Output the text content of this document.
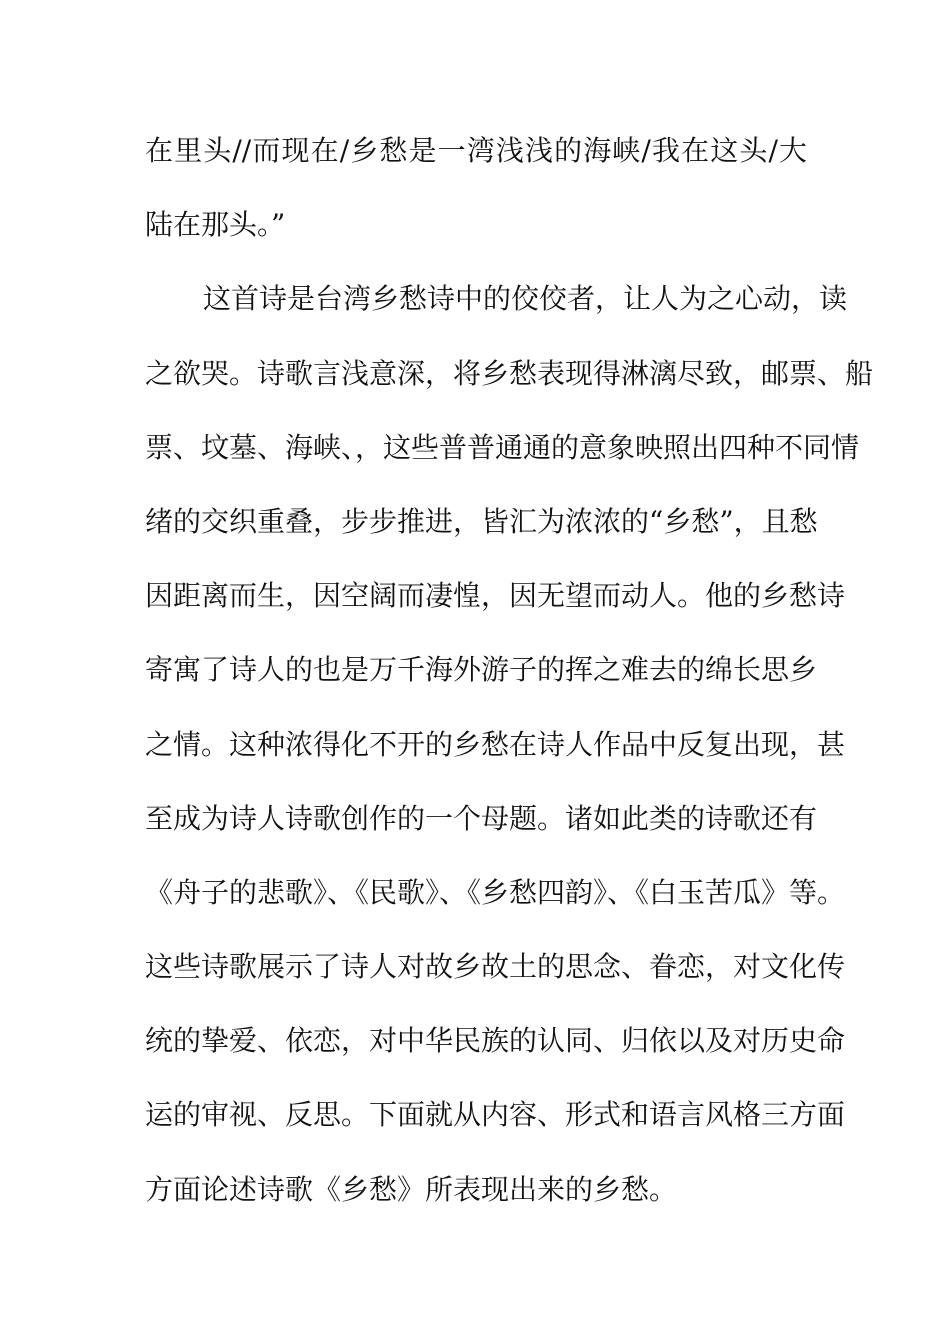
在里头//而现在/乡愁是一湾浅浅的海峡/我在这头/大
陆在那头。”
这首诗是台湾乡愁诗中的佼佼者，让人为之心动，读
之欲哭。诗歌言浅意深，将乡愁表现得淋漓尽致，邮票、船
票、坟墓、海峡、，这些普普通通的意象映照出四种不同情
绪的交织重叠，步步推进，皆汇为浓浓的“乡愁”，且愁
因距离而生，因空阔而凄惶，因无望而动人。他的乡愁诗
寄寓了诗人的也是万千海外游子的挥之难去的绵长思乡
之情。这种浓得化不开的乡愁在诗人作品中反复出现，甚
至成为诗人诗歌创作的一个母题。诸如此类的诗歌还有
《舟子的悲歌》、《民歌》、《乡愁四韵》、《白玉苦瓜》等。
这些诗歌展示了诗人对故乡故土的思念、眷恋，对文化传
统的挚爱、依恋，对中华民族的认同、归依以及对历史命
运的审视、反思。下面就从内容、形式和语言风格三方面
方面论述诗歌《乡愁》所表现出来的乡愁。
